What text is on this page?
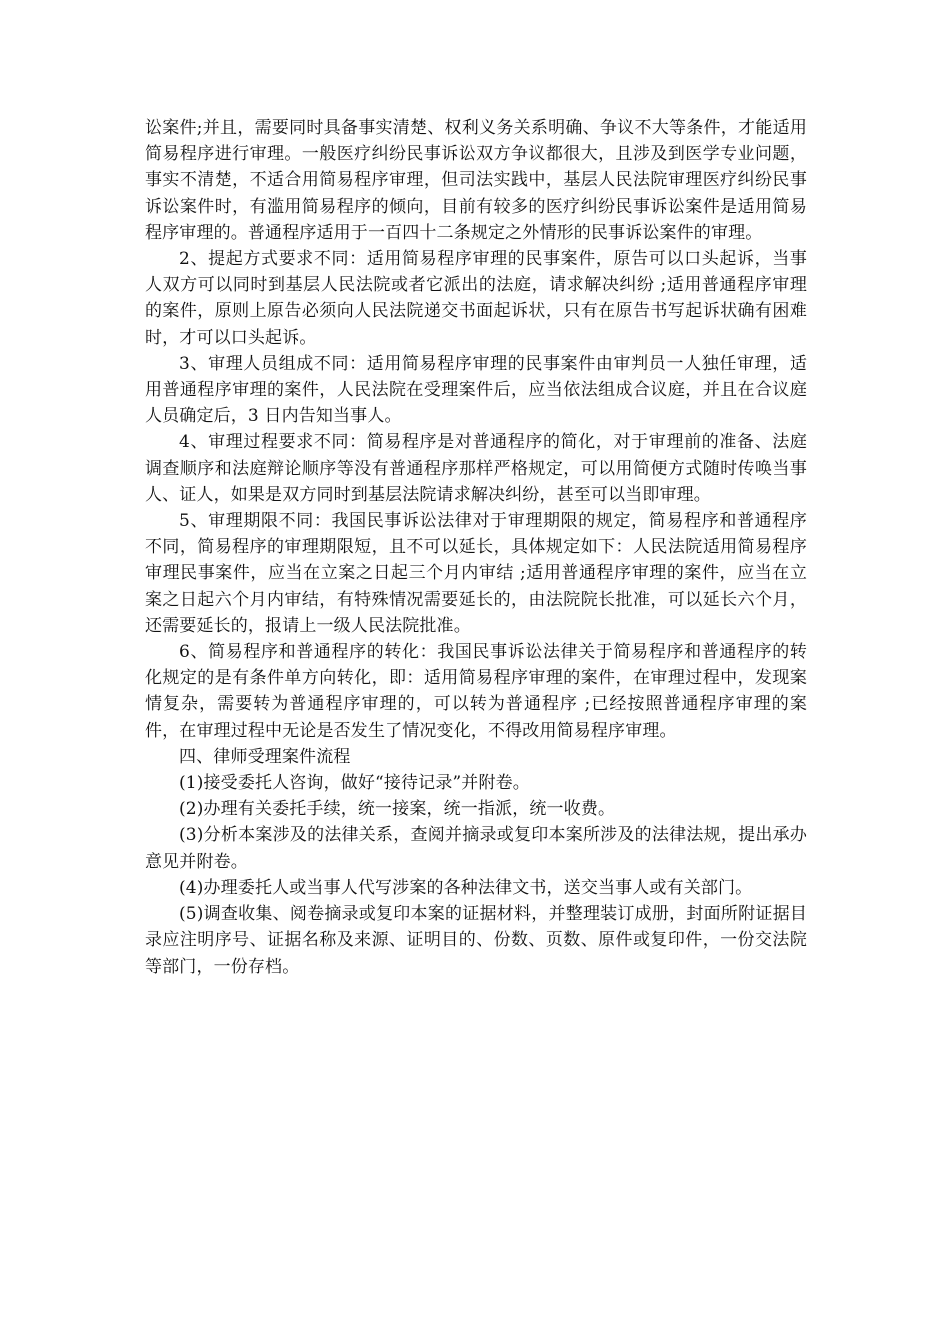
讼案件;并且，需要同时具备事实清楚、权利义务关系明确、争议不大等条件，才能适用简易程序进行审理。一般医疗纠纷民事诉讼双方争议都很大，且涉及到医学专业问题，事实不清楚，不适合用简易程序审理，但司法实践中，基层人民法院审理医疗纠纷民事诉讼案件时，有滥用简易程序的倾向，目前有较多的医疗纠纷民事诉讼案件是适用简易程序审理的。普通程序适用于一百四十二条规定之外情形的民事诉讼案件的审理。

2、提起方式要求不同：适用简易程序审理的民事案件，原告可以口头起诉，当事人双方可以同时到基层人民法院或者它派出的法庭，请求解决纠纷 ;适用普通程序审理的案件，原则上原告必须向人民法院递交书面起诉状，只有在原告书写起诉状确有困难时，才可以口头起诉。

3、审理人员组成不同：适用简易程序审理的民事案件由审判员一人独任审理，适用普通程序审理的案件，人民法院在受理案件后，应当依法组成合议庭，并且在合议庭人员确定后，3 日内告知当事人。

4、审理过程要求不同：简易程序是对普通程序的简化，对于审理前的准备、法庭调查顺序和法庭辩论顺序等没有普通程序那样严格规定，可以用简便方式随时传唤当事人、证人，如果是双方同时到基层法院请求解决纠纷，甚至可以当即审理。

5、审理期限不同：我国民事诉讼法律对于审理期限的规定，简易程序和普通程序不同，简易程序的审理期限短，且不可以延长，具体规定如下：人民法院适用简易程序审理民事案件，应当在立案之日起三个月内审结 ;适用普通程序审理的案件，应当在立案之日起六个月内审结，有特殊情况需要延长的，由法院院长批准，可以延长六个月，还需要延长的，报请上一级人民法院批准。

6、简易程序和普通程序的转化：我国民事诉讼法律关于简易程序和普通程序的转化规定的是有条件单方向转化，即：适用简易程序审理的案件，在审理过程中，发现案情复杂，需要转为普通程序审理的，可以转为普通程序 ;已经按照普通程序审理的案件，在审理过程中无论是否发生了情况变化，不得改用简易程序审理。

四、律师受理案件流程

(1)接受委托人咨询，做好“接待记录”并附卷。

(2)办理有关委托手续，统一接案，统一指派，统一收费。

(3)分析本案涉及的法律关系，查阅并摘录或复印本案所涉及的法律法规，提出承办意见并附卷。

(4)办理委托人或当事人代写涉案的各种法律文书，送交当事人或有关部门。

(5)调查收集、阅卷摘录或复印本案的证据材料，并整理装订成册，封面所附证据目录应注明序号、证据名称及来源、证明目的、份数、页数、原件或复印件，一份交法院等部门，一份存档。
